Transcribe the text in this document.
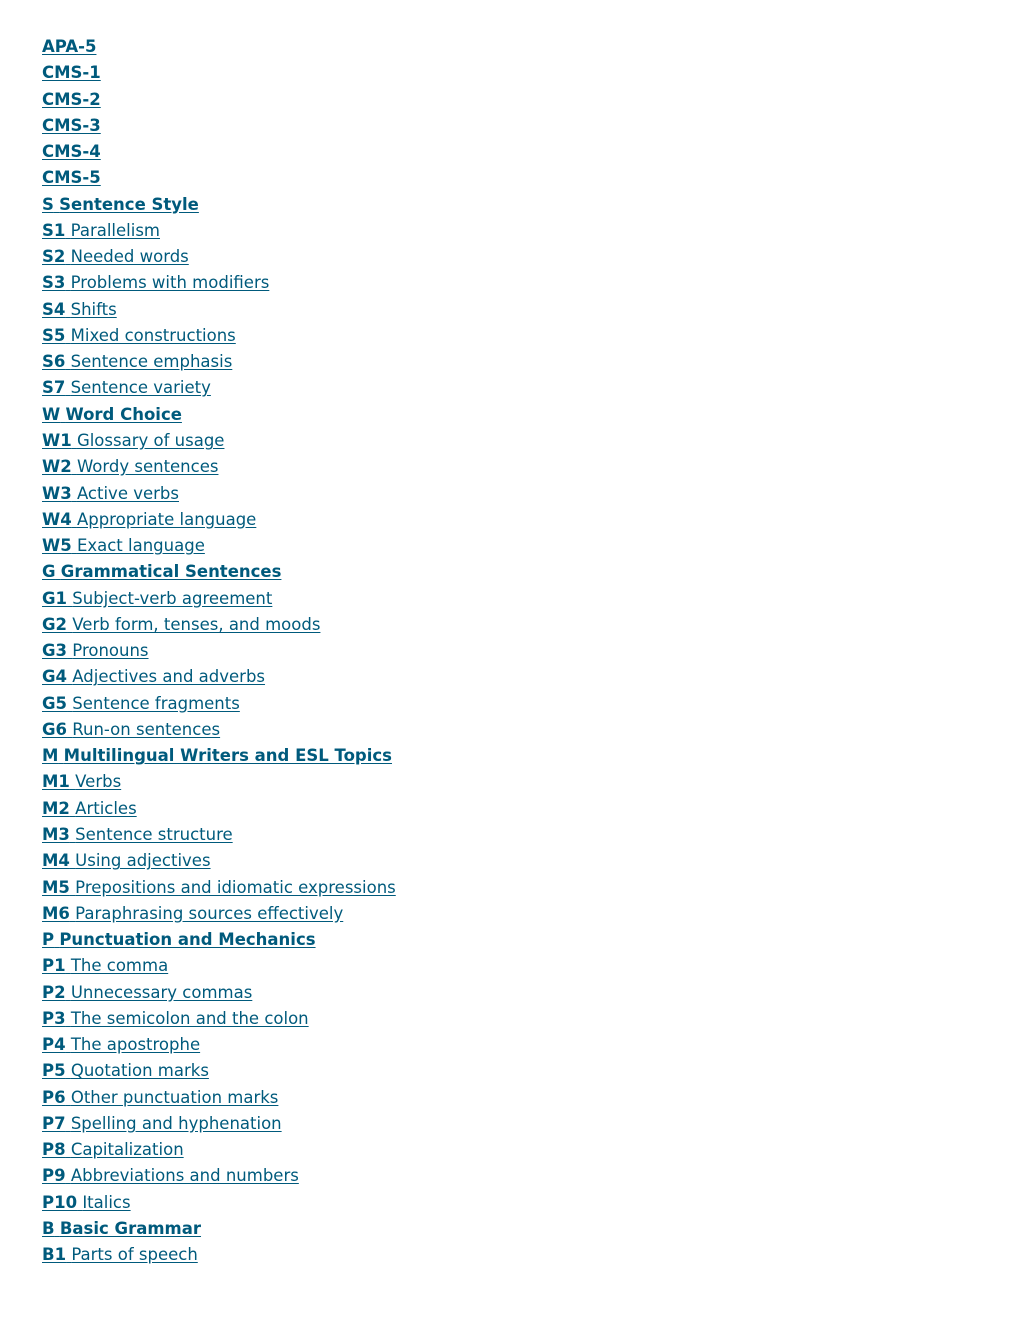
APA-5
CMS-1
CMS-2
CMS-3
CMS-4
CMS-5
S Sentence Style
S1 Parallelism
S2 Needed words
S3 Problems with modifiers
S4 Shifts
S5 Mixed constructions
S6 Sentence emphasis
S7 Sentence variety
W Word Choice
W1 Glossary of usage
W2 Wordy sentences
W3 Active verbs
W4 Appropriate language
W5 Exact language
G Grammatical Sentences
G1 Subject-verb agreement
G2 Verb form, tenses, and moods
G3 Pronouns
G4 Adjectives and adverbs
G5 Sentence fragments
G6 Run-on sentences
M Multilingual Writers and ESL Topics
M1 Verbs
M2 Articles
M3 Sentence structure
M4 Using adjectives
M5 Prepositions and idiomatic expressions
M6 Paraphrasing sources effectively
P Punctuation and Mechanics
P1 The comma
P2 Unnecessary commas
P3 The semicolon and the colon
P4 The apostrophe
P5 Quotation marks
P6 Other punctuation marks
P7 Spelling and hyphenation
P8 Capitalization
P9 Abbreviations and numbers
P10 Italics
B Basic Grammar
B1 Parts of speech
